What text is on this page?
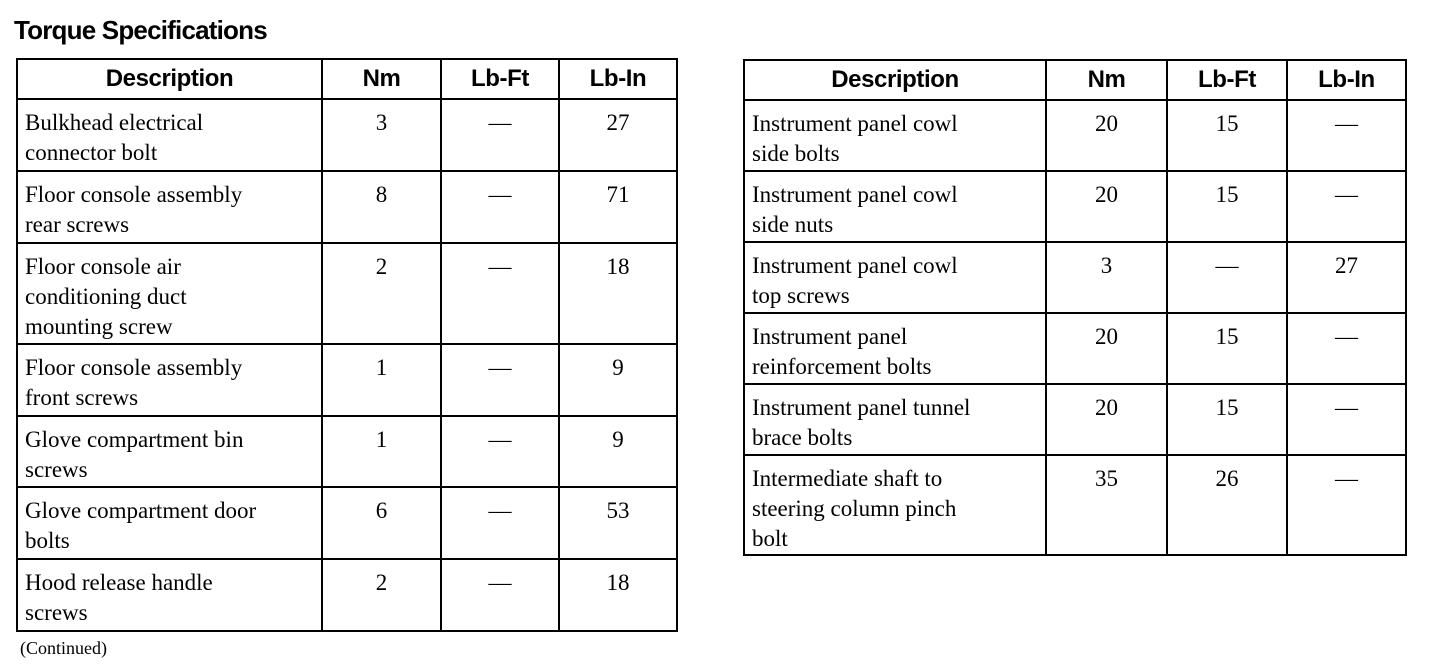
Torque Specifications
Description	Nm	Lb-Ft	Lb-In
Bulkhead electrical
connector bolt	3	—	27
Floor console assembly
rear screws	8	—	71
Floor console air
conditioning duct
mounting screw	2	—	18
Floor console assembly
front screws	1	—	9
Glove compartment bin
screws	1	—	9
Glove compartment door
bolts	6	—	53
Hood release handle
screws	2	—	18
Description	Nm	Lb-Ft	Lb-In
Instrument panel cowl
side bolts	20	15	—
Instrument panel cowl
side nuts	20	15	—
Instrument panel cowl
top screws	3	—	27
Instrument panel
reinforcement bolts	20	15	—
Instrument panel tunnel
brace bolts	20	15	—
Intermediate shaft to
steering column pinch
bolt	35	26	—
(Continued)
